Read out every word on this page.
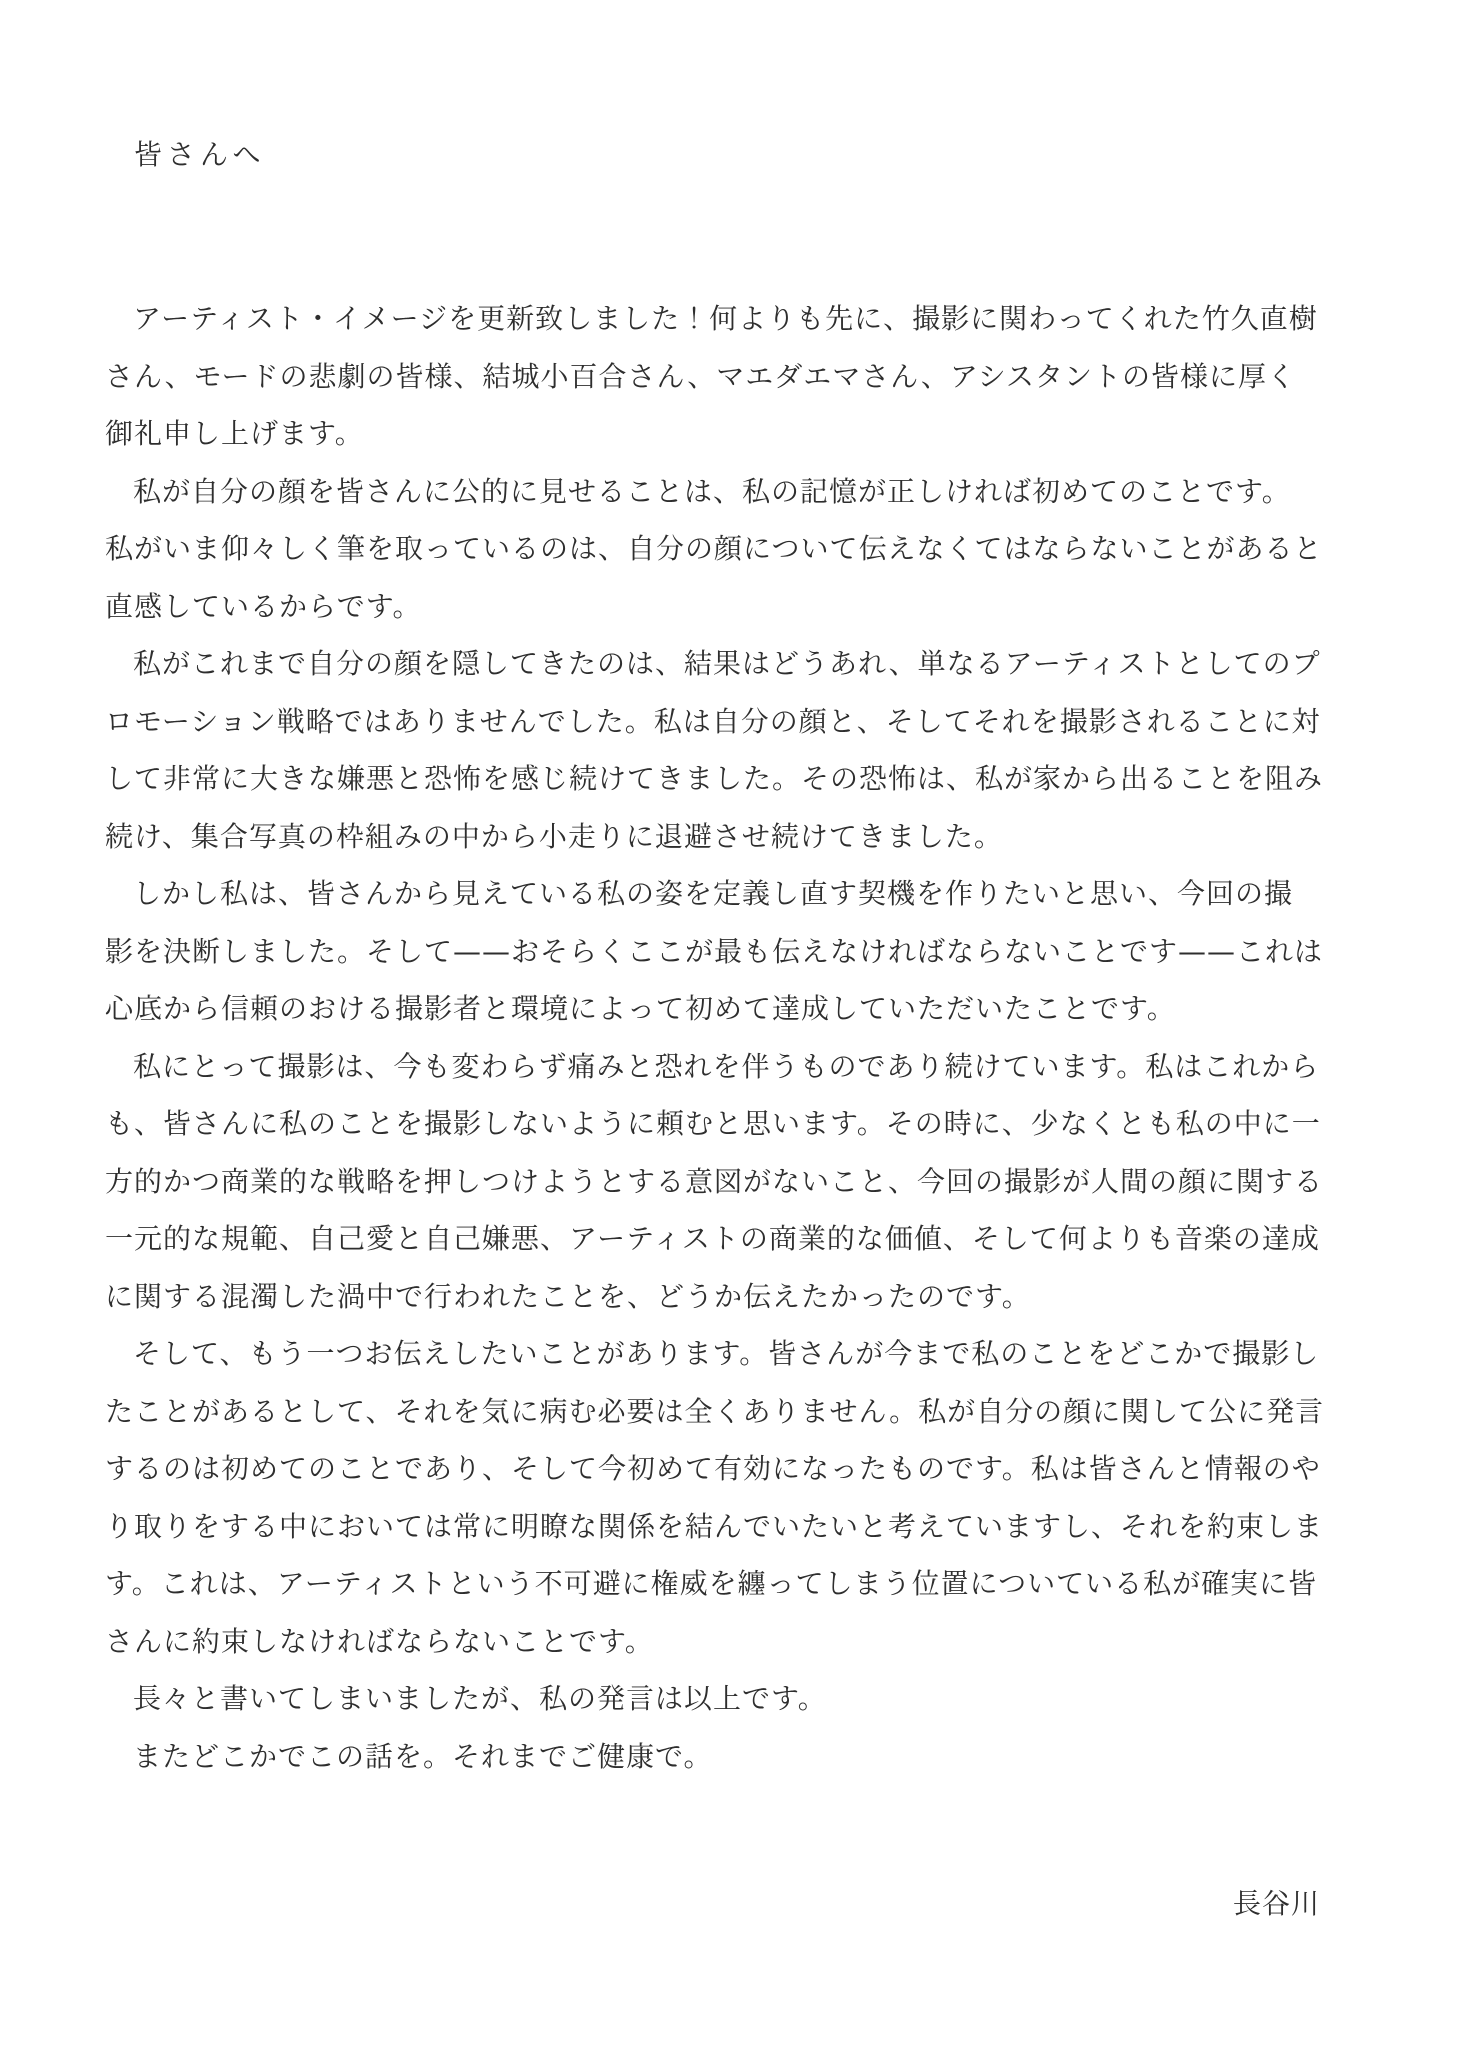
皆さんへ
アーティスト・イメージを更新致しました！何よりも先に、撮影に関わってくれた竹久直樹
さん、モードの悲劇の皆様、結城小百合さん、マエダエマさん、アシスタントの皆様に厚く
御礼申し上げます。
私が自分の顔を皆さんに公的に見せることは、私の記憶が正しければ初めてのことです。
私がいま仰々しく筆を取っているのは、自分の顔について伝えなくてはならないことがあると
直感しているからです。
私がこれまで自分の顔を隠してきたのは、結果はどうあれ、単なるアーティストとしてのプ
ロモーション戦略ではありませんでした。私は自分の顔と、そしてそれを撮影されることに対
して非常に大きな嫌悪と恐怖を感じ続けてきました。その恐怖は、私が家から出ることを阻み
続け、集合写真の枠組みの中から小走りに退避させ続けてきました。
しかし私は、皆さんから見えている私の姿を定義し直す契機を作りたいと思い、今回の撮
影を決断しました。そして——おそらくここが最も伝えなければならないことです——これは
心底から信頼のおける撮影者と環境によって初めて達成していただいたことです。
私にとって撮影は、今も変わらず痛みと恐れを伴うものであり続けています。私はこれから
も、皆さんに私のことを撮影しないように頼むと思います。その時に、少なくとも私の中に一
方的かつ商業的な戦略を押しつけようとする意図がないこと、今回の撮影が人間の顔に関する
一元的な規範、自己愛と自己嫌悪、アーティストの商業的な価値、そして何よりも音楽の達成
に関する混濁した渦中で行われたことを、どうか伝えたかったのです。
そして、もう一つお伝えしたいことがあります。皆さんが今まで私のことをどこかで撮影し
たことがあるとして、それを気に病む必要は全くありません。私が自分の顔に関して公に発言
するのは初めてのことであり、そして今初めて有効になったものです。私は皆さんと情報のや
り取りをする中においては常に明瞭な関係を結んでいたいと考えていますし、それを約束しま
す。これは、アーティストという不可避に権威を纏ってしまう位置についている私が確実に皆
さんに約束しなければならないことです。
長々と書いてしまいましたが、私の発言は以上です。
またどこかでこの話を。それまでご健康で。
長谷川
